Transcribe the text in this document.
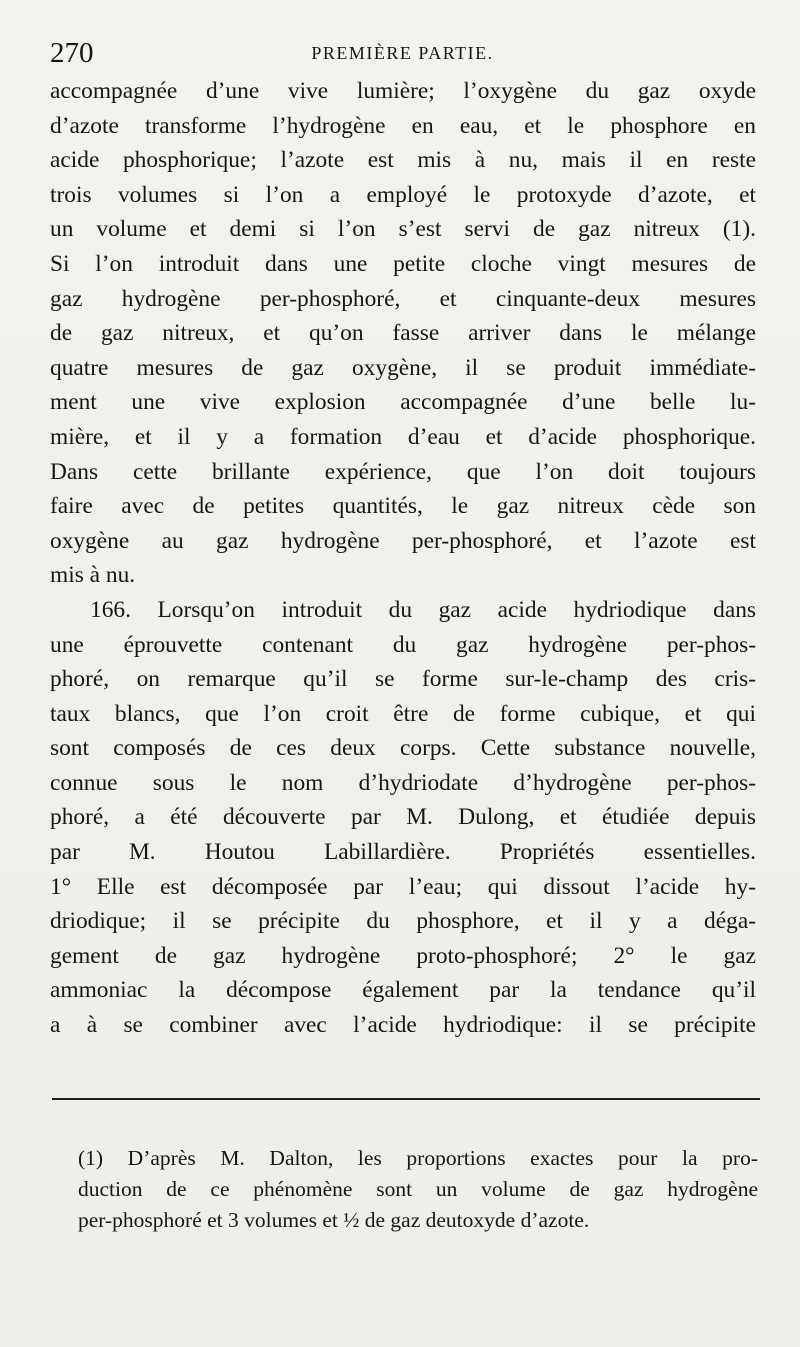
270	PREMIÈRE PARTIE.
accompagnée d’une vive lumière; l’oxygène du gaz oxyde
d’azote transforme l’hydrogène en eau, et le phosphore en
acide phosphorique; l’azote est mis à nu, mais il en reste
trois volumes si l’on a employé le protoxyde d’azote, et
un volume et demi si l’on s’est servi de gaz nitreux (1).
Si l’on introduit dans une petite cloche vingt mesures de
gaz hydrogène per-phosphoré, et cinquante-deux mesures
de gaz nitreux, et qu’on fasse arriver dans le mélange
quatre mesures de gaz oxygène, il se produit immédiate-
ment une vive explosion accompagnée d’une belle lu-
mière, et il y a formation d’eau et d’acide phosphorique.
Dans cette brillante expérience, que l’on doit toujours
faire avec de petites quantités, le gaz nitreux cède son
oxygène au gaz hydrogène per-phosphoré, et l’azote est
mis à nu.
166. Lorsqu’on introduit du gaz acide hydriodique dans
une éprouvette contenant du gaz hydrogène per-phos-
phoré, on remarque qu’il se forme sur-le-champ des cris-
taux blancs, que l’on croit être de forme cubique, et qui
sont composés de ces deux corps. Cette substance nouvelle,
connue sous le nom d’hydriodate d’hydrogène per-phos-
phoré, a été découverte par M. Dulong, et étudiée depuis
par M. Houtou Labillardière. Propriétés essentielles.
1° Elle est décomposée par l’eau; qui dissout l’acide hy-
driodique; il se précipite du phosphore, et il y a déga-
gement de gaz hydrogène proto-phosphoré; 2° le gaz
ammoniac la décompose également par la tendance qu’il
a à se combiner avec l’acide hydriodique: il se précipite
(1) D’après M. Dalton, les proportions exactes pour la pro-
duction de ce phénomène sont un volume de gaz hydrogène
per-phosphoré et 3 volumes et ½ de gaz deutoxyde d’azote.
